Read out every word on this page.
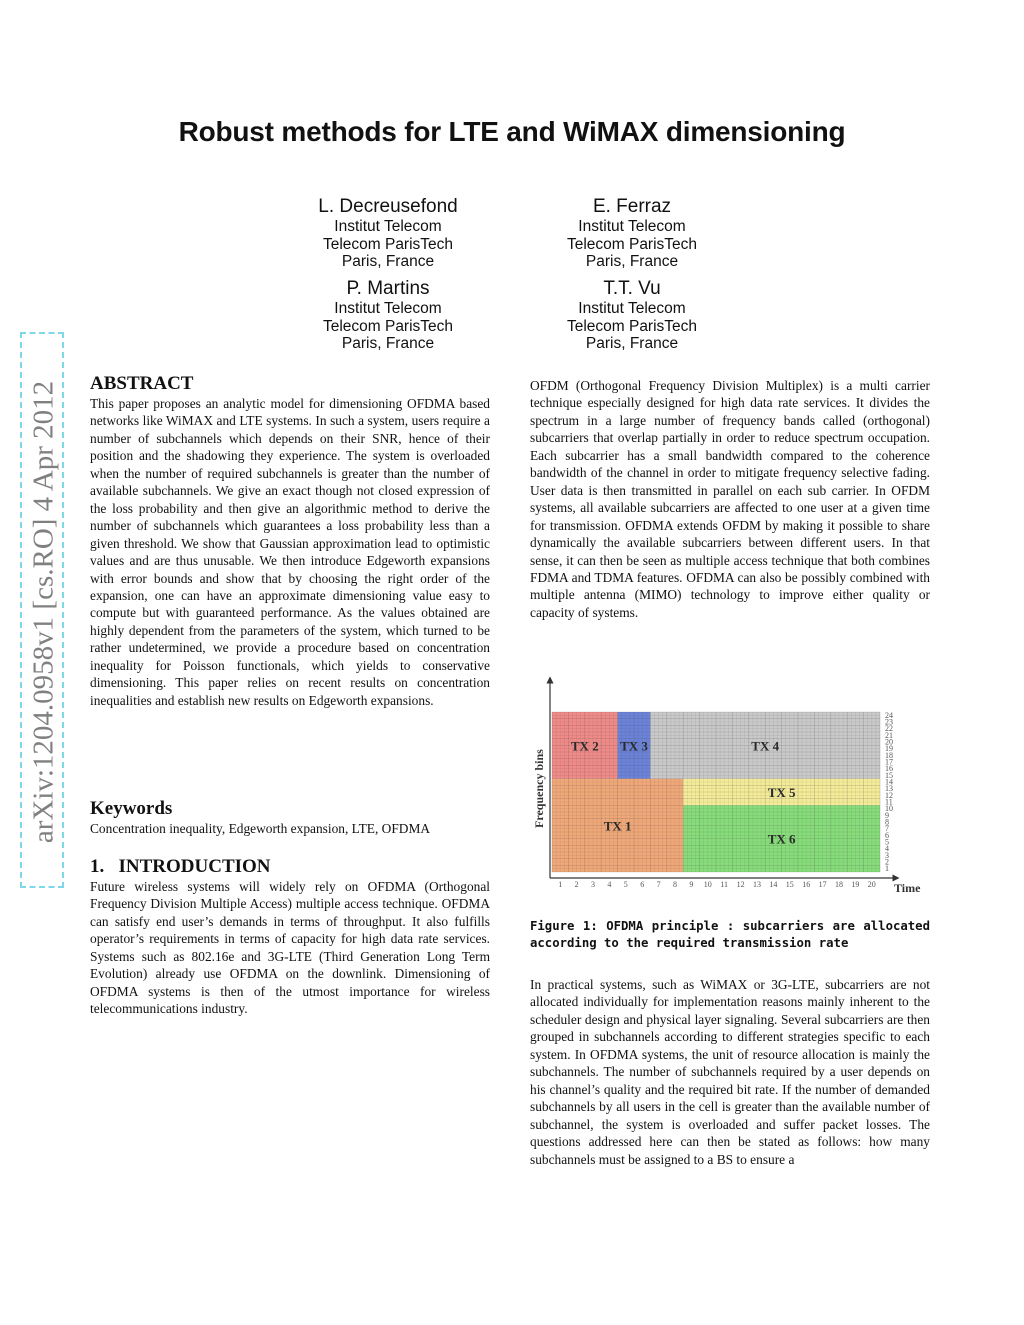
Robust methods for LTE and WiMAX dimensioning
L. Decreusefond
Institut Telecom
Telecom ParisTech
Paris, France
E. Ferraz
Institut Telecom
Telecom ParisTech
Paris, France
P. Martins
Institut Telecom
Telecom ParisTech
Paris, France
T.T. Vu
Institut Telecom
Telecom ParisTech
Paris, France
arXiv:1204.0958v1 [cs.RO] 4 Apr 2012 ABSTRACT
This paper proposes an analytic model for dimensioning OFDMA based networks like WiMAX and LTE systems. In such a system, users require a number of subchannels which depends on their SNR, hence of their position and the shadowing they experience. The system is overloaded when the number of required subchannels is greater than the number of available subchannels. We give an exact though not closed expression of the loss probability and then give an algorithmic method to derive the number of subchannels which guarantees a loss probability less than a given threshold. We show that Gaussian approximation lead to optimistic values and are thus unusable. We then introduce Edgeworth expansions with error bounds and show that by choosing the right order of the expansion, one can have an approximate dimensioning value easy to compute but with guaranteed performance. As the values obtained are highly dependent from the parameters of the system, which turned to be rather undetermined, we provide a procedure based on concentration inequality for Poisson functionals, which yields to conservative dimensioning. This paper relies on recent results on concentration inequalities and establish new results on Edgeworth expansions.
Keywords
Concentration inequality, Edgeworth expansion, LTE, OFDMA
1.   INTRODUCTION
Future wireless systems will widely rely on OFDMA (Orthogonal Frequency Division Multiple Access) multiple access technique. OFDMA can satisfy end user’s demands in terms of throughput. It also fulfills operator’s requirements in terms of capacity for high data rate services. Systems such as 802.16e and 3G-LTE (Third Generation Long Term Evolution) already use OFDMA on the downlink. Dimensioning of OFDMA systems is then of the utmost importance for wireless telecommunications industry.
OFDM (Orthogonal Frequency Division Multiplex) is a multi carrier technique especially designed for high data rate services. It divides the spectrum in a large number of frequency bands called (orthogonal) subcarriers that overlap partially in order to reduce spectrum occupation. Each subcarrier has a small bandwidth compared to the coherence bandwidth of the channel in order to mitigate frequency selective fading. User data is then transmitted in parallel on each sub carrier. In OFDM systems, all available subcarriers are affected to one user at a given time for transmission. OFDMA extends OFDM by making it possible to share dynamically the available subcarriers between different users. In that sense, it can then be seen as multiple access technique that both combines FDMA and TDMA features. OFDMA can also be possibly combined with multiple antenna (MIMO) technology to improve either quality or capacity of systems.
TX 1
TX 2 TX 3	TX 4
TX 5
TX 6
1 2 3 4 5 6 7 8 9 10 11 12 13 14 15 16 17 18 19 20
1
2
3
4
5
6
7
8
9
10
11
12
13
14
15
16
17
18
19
20
21
22
23
24
Frequency bins
Time
Figure 1: OFDMA principle : subcarriers are allocated according to the required transmission rate
In practical systems, such as WiMAX or 3G-LTE, subcarriers are not allocated individually for implementation reasons mainly inherent to the scheduler design and physical layer signaling. Several subcarriers are then grouped in subchannels according to different strategies specific to each system. In OFDMA systems, the unit of resource allocation is mainly the subchannels. The number of subchannels required by a user depends on his channel’s quality and the required bit rate. If the number of demanded subchannels by all users in the cell is greater than the available number of subchannel, the system is overloaded and suffer packet losses. The questions addressed here can then be stated as follows: how many subchannels must be assigned to a BS to ensure a
